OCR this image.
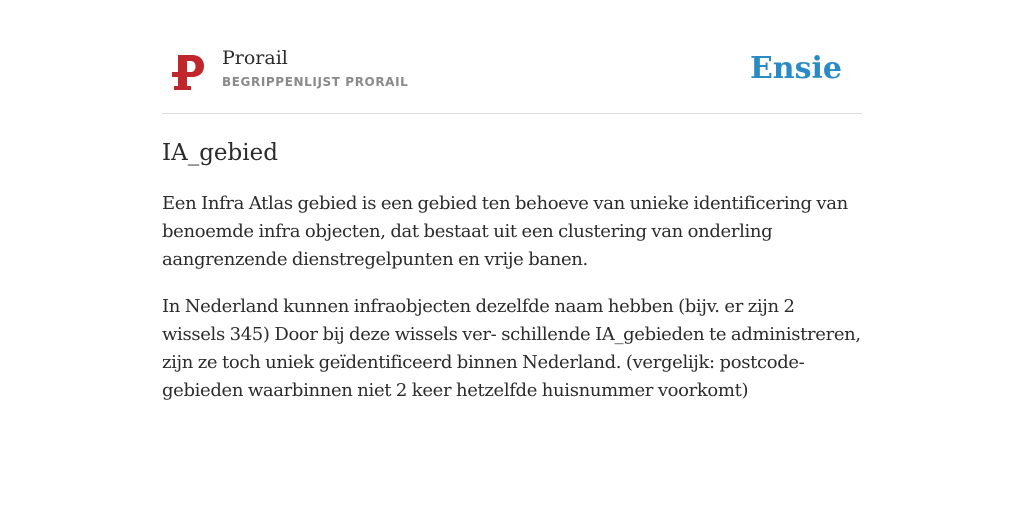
Prorail
BEGRIPPENLIJST PRORAIL	Ensie
IA_gebied

Een Infra Atlas gebied is een gebied ten behoeve van unieke identificering van benoemde infra objecten, dat bestaat uit een clustering van onderling aangrenzende dienstregelpunten en vrije banen.

In Nederland kunnen infraobjecten dezelfde naam hebben (bijv. er zijn 2 wissels 345) Door bij deze wissels ver- schillende IA_gebieden te administreren, zijn ze toch uniek geïdentificeerd binnen Nederland. (vergelijk: postcode-gebieden waarbinnen niet 2 keer hetzelfde huisnummer voorkomt)
